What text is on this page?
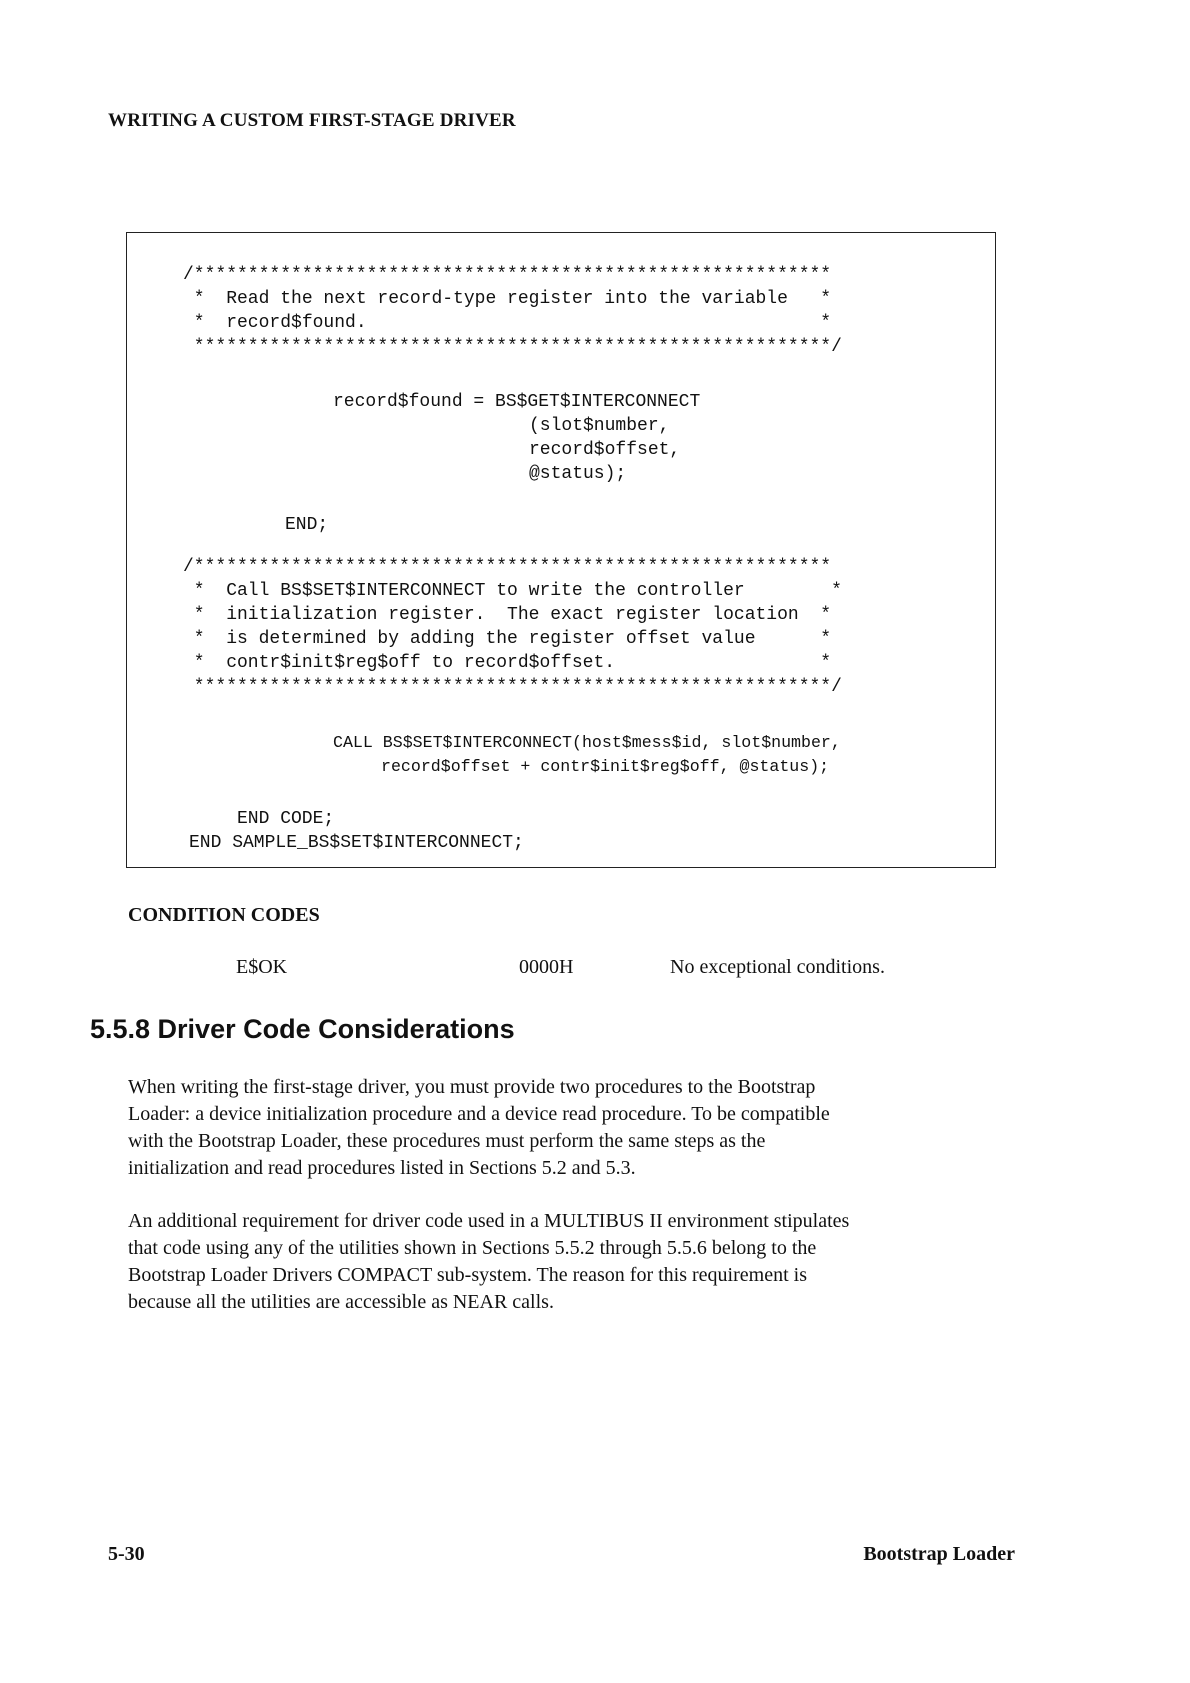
WRITING A CUSTOM FIRST-STAGE DRIVER
/***********************************************************
*  Read the next record-type register into the variable   *
*  record$found.                                          *
***********************************************************/
record$found = BS$GET$INTERCONNECT
(slot$number,
record$offset,
@status);
END;
/***********************************************************
*  Call BS$SET$INTERCONNECT to write the controller        *
*  initialization register.  The exact register location  *
*  is determined by adding the register offset value      *
*  contr$init$reg$off to record$offset.                   *
***********************************************************/
CALL BS$SET$INTERCONNECT(host$mess$id, slot$number,
record$offset + contr$init$reg$off, @status);
END CODE;
END SAMPLE_BS$SET$INTERCONNECT;
CONDITION CODES

E$OK	0000H	No exceptional conditions.

5.5.8 Driver Code Considerations

When writing the first-stage driver, you must provide two procedures to the Bootstrap
Loader: a device initialization procedure and a device read procedure. To be compatible
with the Bootstrap Loader, these procedures must perform the same steps as the
initialization and read procedures listed in Sections 5.2 and 5.3.

An additional requirement for driver code used in a MULTIBUS II environment stipulates
that code using any of the utilities shown in Sections 5.5.2 through 5.5.6 belong to the
Bootstrap Loader Drivers COMPACT sub-system. The reason for this requirement is
because all the utilities are accessible as NEAR calls.

5-30	Bootstrap Loader
